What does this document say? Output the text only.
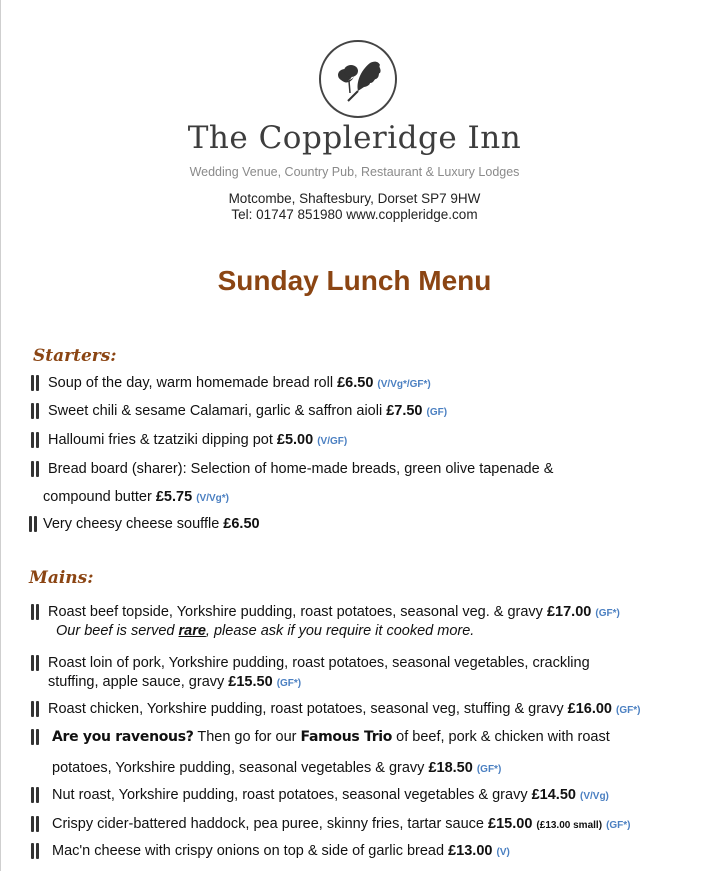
The Coppleridge Inn
Wedding Venue, Country Pub, Restaurant & Luxury Lodges
Motcombe, Shaftesbury, Dorset SP7 9HW
Tel: 01747 851980 www.coppleridge.com
Sunday Lunch Menu
Starters:
Soup of the day, warm homemade bread roll £6.50 (V/Vg*/GF*)
Sweet chili & sesame Calamari, garlic & saffron aioli £7.50 (GF)
Halloumi fries & tzatziki dipping pot £5.00 (V/GF)
Bread board (sharer): Selection of home-made breads, green olive tapenade &
compound butter £5.75 (V/Vg*)
Very cheesy cheese souffle £6.50
Mains:
Roast beef topside, Yorkshire pudding, roast potatoes, seasonal veg. & gravy £17.00 (GF*)
Our beef is served rare, please ask if you require it cooked more.
Roast loin of pork, Yorkshire pudding, roast potatoes, seasonal vegetables, crackling
stuffing, apple sauce, gravy £15.50 (GF*)
Roast chicken, Yorkshire pudding, roast potatoes, seasonal veg, stuffing & gravy £16.00 (GF*)
Are you ravenous? Then go for our Famous Trio of beef, pork & chicken with roast
potatoes, Yorkshire pudding, seasonal vegetables & gravy £18.50 (GF*)
Nut roast, Yorkshire pudding, roast potatoes, seasonal vegetables & gravy £14.50 (V/Vg)
Crispy cider-battered haddock, pea puree, skinny fries, tartar sauce £15.00 (£13.00 small) (GF*)
Mac'n cheese with crispy onions on top & side of garlic bread £13.00 (V)
